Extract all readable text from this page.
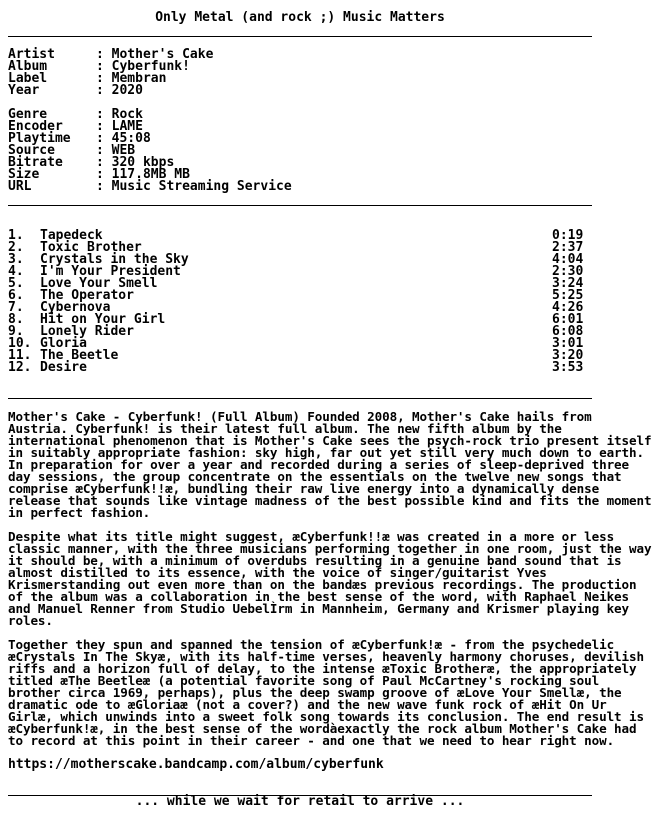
Only Metal (and rock ;) Music Matters
Artist	: Mother's Cake
Album	: Cyberfunk!
Label	: Membran
Year	: 2020
Genre	: Rock
Encoder	: LAME
Playtime	: 45:08
Source	: WEB
Bitrate	: 320 kbps
Size	: 117.8MB MB
URL	: Music Streaming Service
1.	Tapedeck	0:19
2.	Toxic Brother	2:37
3.	Crystals in the Sky	4:04
4.	I'm Your President	2:30
5.	Love Your Smell	3:24
6.	The Operator	5:25
7.	Cybernova	4:26
8.	Hit on Your Girl	6:01
9.	Lonely Rider	6:08
10. Gloria	3:01
11. The Beetle	3:20
12. Desire	3:53
Mother's Cake - Cyberfunk! (Full Album) Founded 2008, Mother's Cake hails from Austria. Cyberfunk! is their latest full album. The new fifth album by the international phenomenon that is Mother's Cake sees the psych-rock trio present itself in suitably appropriate fashion: sky high, far out yet still very much down to earth. In preparation for over a year and recorded during a series of sleep-deprived three day sessions, the group concentrate on the essentials on the twelve new songs that comprise æCyberfunk!!æ, bundling their raw live energy into a dynamically dense release that sounds like vintage madness of the best possible kind and fits the moment in perfect fashion.
Despite what its title might suggest, æCyberfunk!!æ was created in a more or less classic manner, with the three musicians performing together in one room, just the way it should be, with a minimum of overdubs resulting in a genuine band sound that is almost distilled to its essence, with the voice of singer/guitarist Yves Krismerstanding out even more than on the bandæs previous recordings. The production of the album was a collaboration in the best sense of the word, with Raphael Neikes and Manuel Renner from Studio UebelÌrm in Mannheim, Germany and Krismer playing key roles.
Together they spun and spanned the tension of æCyberfunk!æ - from the psychedelic æCrystals In The Skyæ, with its half-time verses, heavenly harmony choruses, devilish riffs and a horizon full of delay, to the intense æToxic Brotheræ, the appropriately titled æThe Beetleæ (a potential favorite song of Paul McCartney's rocking soul brother circa 1969, perhaps), plus the deep swamp groove of æLove Your Smellæ, the dramatic ode to æGloriaæ (not a cover?) and the new wave funk rock of æHit On Ur Girlæ, which unwinds into a sweet folk song towards its conclusion. The end result is æCyberfunk!æ, in the best sense of the wordàexactly the rock album Mother's Cake had to record at this point in their career - and one that we need to hear right now.
https://motherscake.bandcamp.com/album/cyberfunk
... while we wait for retail to arrive ...
